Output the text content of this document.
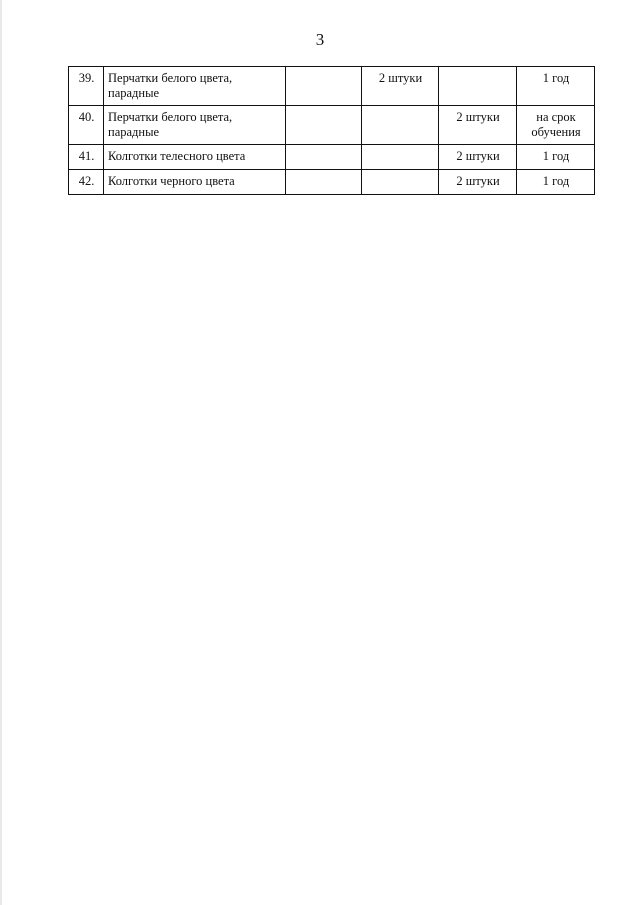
3
39.	Перчатки белого цвета, парадные		2 штуки		1 год
40.	Перчатки белого цвета, парадные			2 штуки	на срок обучения
41.	Колготки телесного цвета			2 штуки	1 год
42.	Колготки черного цвета			2 штуки	1 год
